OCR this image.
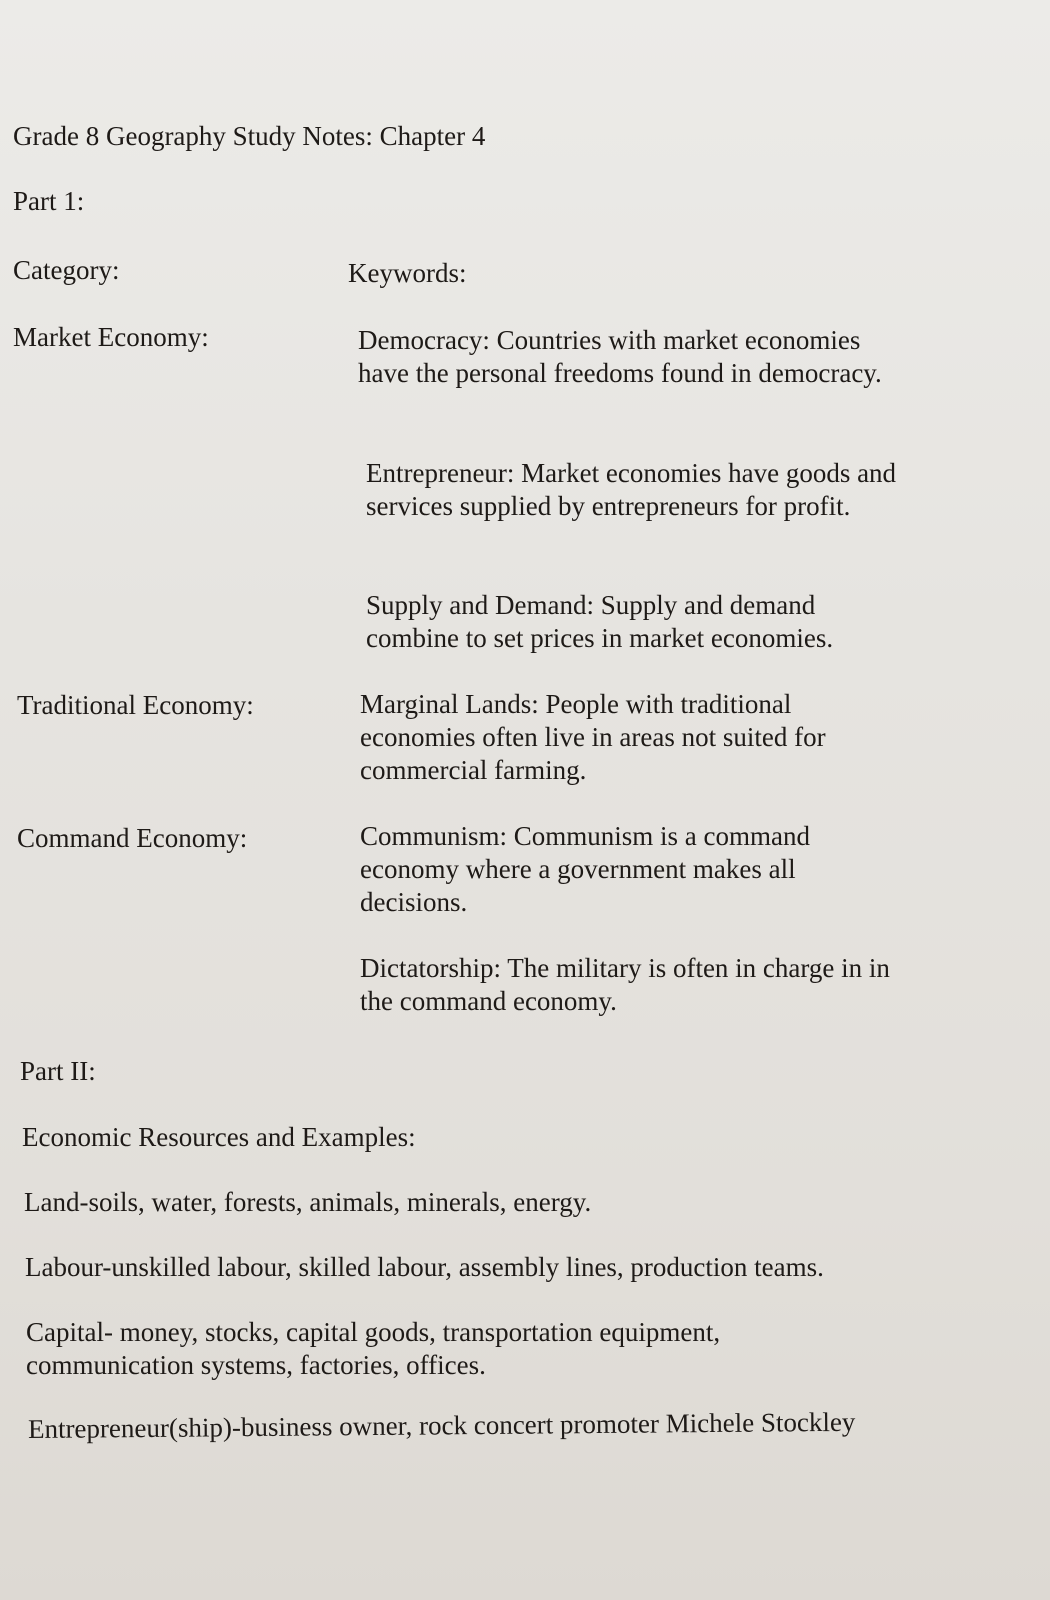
Grade 8 Geography Study Notes: Chapter 4
Part 1:
Category:	Keywords:
Market Economy:	Democracy: Countries with market economies have the personal freedoms found in democracy.
Entrepreneur: Market economies have goods and services supplied by entrepreneurs for profit.
Supply and Demand: Supply and demand combine to set prices in market economies.
Traditional Economy:	Marginal Lands: People with traditional economies often live in areas not suited for commercial farming.
Command Economy:	Communism: Communism is a command economy where a government makes all decisions.
Dictatorship: The military is often in charge in in the command economy.
Part II:
Economic Resources and Examples:
Land-soils, water, forests, animals, minerals, energy.
Labour-unskilled labour, skilled labour, assembly lines, production teams.
Capital- money, stocks, capital goods, transportation equipment, communication systems, factories, offices.
Entrepreneur(ship)-business owner, rock concert promoter Michele Stockley
